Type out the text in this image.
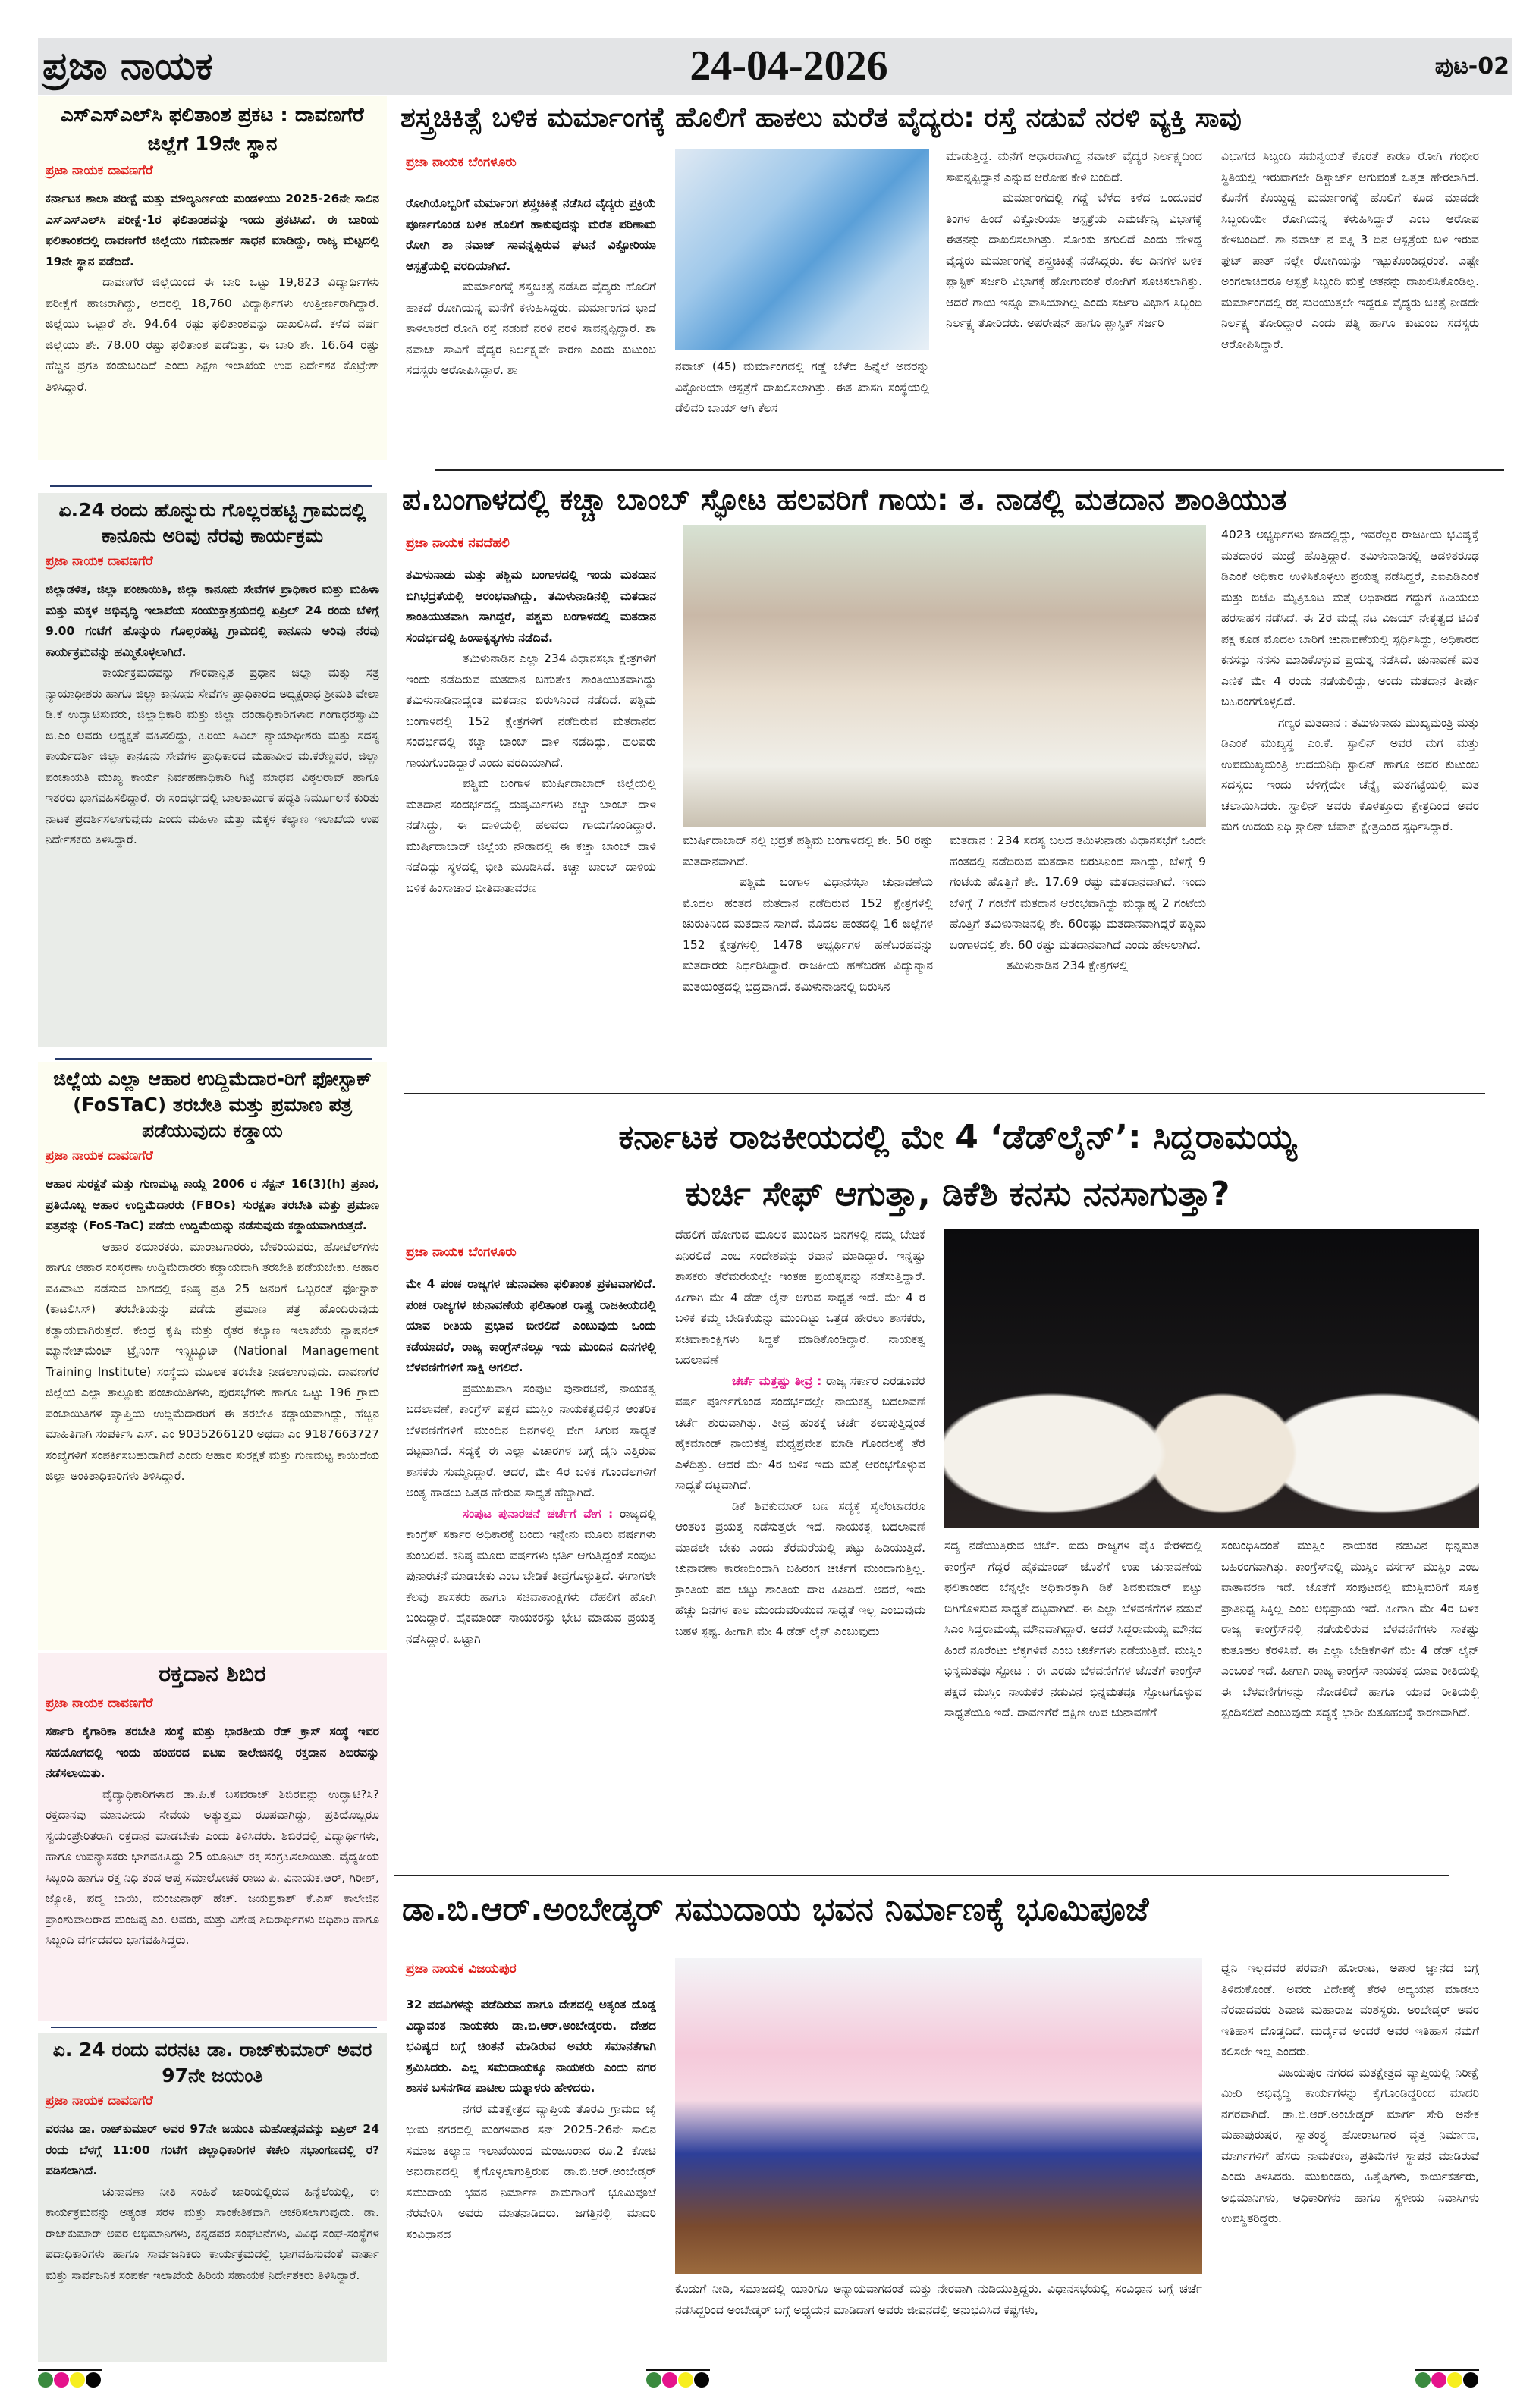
ಪ್ರಜಾ ನಾಯಕ	24-04-2026	ಪುಟ-02
ಎಸ್‌ಎಸ್‌ಎಲ್‌ಸಿ ಫಲಿತಾಂಶ ಪ್ರಕಟ : ದಾವಣಗೆರೆ ಜಿಲ್ಲೆಗೆ 19ನೇ ಸ್ಥಾನ
ಪ್ರಜಾ ನಾಯಕ ದಾವಣಗೆರೆ

ಕರ್ನಾಟಕ ಶಾಲಾ ಪರೀಕ್ಷೆ ಮತ್ತು ಮೌಲ್ಯನಿರ್ಣಯ ಮಂಡಳಿಯು 2025-26ನೇ ಸಾಲಿನ ಎಸ್‌ಎಸ್‌ಎಲ್‌ಸಿ ಪರೀಕ್ಷೆ-1ರ ಫಲಿತಾಂಶವನ್ನು ಇಂದು ಪ್ರಕಟಿಸಿದೆ. ಈ ಬಾರಿಯ ಫಲಿತಾಂಶದಲ್ಲಿ ದಾವಣಗೆರೆ ಜಿಲ್ಲೆಯು ಗಮನಾರ್ಹ ಸಾಧನೆ ಮಾಡಿದ್ದು, ರಾಜ್ಯ ಮಟ್ಟದಲ್ಲಿ 19ನೇ ಸ್ಥಾನ ಪಡೆದಿದೆ.

ದಾವಣಗೆರೆ ಜಿಲ್ಲೆಯಿಂದ ಈ ಬಾರಿ ಒಟ್ಟು 19,823 ವಿದ್ಯಾರ್ಥಿಗಳು ಪರೀಕ್ಷೆಗೆ ಹಾಜರಾಗಿದ್ದು, ಅದರಲ್ಲಿ 18,760 ವಿದ್ಯಾರ್ಥಿಗಳು ಉತ್ತೀರ್ಣರಾಗಿದ್ದಾರೆ. ಜಿಲ್ಲೆಯು ಒಟ್ಟಾರೆ ಶೇ. 94.64 ರಷ್ಟು ಫಲಿತಾಂಶವನ್ನು ದಾಖಲಿಸಿದೆ. ಕಳೆದ ವರ್ಷ ಜಿಲ್ಲೆಯು ಶೇ. 78.00 ರಷ್ಟು ಫಲಿತಾಂಶ ಪಡೆದಿತ್ತು, ಈ ಬಾರಿ ಶೇ. 16.64 ರಷ್ಟು ಹೆಚ್ಚಿನ ಪ್ರಗತಿ ಕಂಡುಬಂದಿದೆ ಎಂದು ಶಿಕ್ಷಣ ಇಲಾಖೆಯ ಉಪ ನಿರ್ದೇಶಕ ಕೊಟ್ರೇಶ್ ತಿಳಿಸಿದ್ದಾರೆ.

ಏ.24 ರಂದು ಹೊನ್ನುರು ಗೊಲ್ಲರಹಟ್ಟಿ ಗ್ರಾಮದಲ್ಲಿ ಕಾನೂನು ಅರಿವು ನೆರವು ಕಾರ್ಯಕ್ರಮ
ಪ್ರಜಾ ನಾಯಕ ದಾವಣಗೆರೆ

ಜಿಲ್ಲಾಡಳಿತ, ಜಿಲ್ಲಾ ಪಂಚಾಯಿತಿ, ಜಿಲ್ಲಾ ಕಾನೂನು ಸೇವೆಗಳ ಪ್ರಾಧಿಕಾರ ಮತ್ತು ಮಹಿಳಾ ಮತ್ತು ಮಕ್ಕಳ ಅಭಿವೃದ್ಧಿ ಇಲಾಖೆಯ ಸಂಯುಕ್ತಾಶ್ರಯದಲ್ಲಿ ಏಪ್ರಿಲ್ 24 ರಂದು ಬೆಳಿಗ್ಗೆ 9.00 ಗಂಟೆಗೆ ಹೊನ್ನುರು ಗೊಲ್ಲರಹಟ್ಟಿ ಗ್ರಾಮದಲ್ಲಿ ಕಾನೂನು ಅರಿವು ನೆರವು ಕಾರ್ಯಕ್ರಮವನ್ನು ಹಮ್ಮಿಕೊಳ್ಳಲಾಗಿದೆ.

ಕಾರ್ಯಕ್ರಮದವನ್ನು ಗೌರವಾನ್ವಿತ ಪ್ರಧಾನ ಜಿಲ್ಲಾ ಮತ್ತು ಸತ್ರ ನ್ಯಾಯಾಧೀಶರು ಹಾಗೂ ಜಿಲ್ಲಾ ಕಾನೂನು ಸೇವೆಗಳ ಪ್ರಾಧಿಕಾರದ ಅಧ್ಯಕ್ಷರಾಧ ಶ್ರೀಮತಿ ವೇಲಾ ಡಿ.ಕೆ ಉದ್ಘಾಟಿಸುವರು, ಜಿಲ್ಲಾಧಿಕಾರಿ ಮತ್ತು ಜಿಲ್ಲಾ ದಂಡಾಧಿಕಾರಿಗಳಾದ ಗಂಗಾಧರಸ್ವಾಮಿ ಜಿ.ಎಂ ಅವರು ಅಧ್ಯಕ್ಷತೆ ವಹಿಸಲಿದ್ದು, ಹಿರಿಯ ಸಿವಿಲ್ ನ್ಯಾಯಾಧೀಶರು ಮತ್ತು ಸದಸ್ಯ ಕಾರ್ಯದರ್ಶಿ ಜಿಲ್ಲಾ ಕಾನೂನು ಸೇವೆಗಳ ಪ್ರಾಧಿಕಾರದ ಮಹಾವೀರ ಮ.ಕರೆಣ್ಣವರ, ಜಿಲ್ಲಾ ಪಂಚಾಯತಿ ಮುಖ್ಯ ಕಾರ್ಯ ನಿರ್ವಹಣಾಧಿಕಾರಿ ಗಿಟ್ಟೆ ಮಾಧವ ವಿಠ್ಠಲರಾವ್ ಹಾಗೂ ಇತರರು ಭಾಗವಹಿಸಲಿದ್ದಾರೆ. ಈ ಸಂದರ್ಭದಲ್ಲಿ ಬಾಲಕಾರ್ಮಿಕ ಪದ್ಧತಿ ನಿರ್ಮೂಲನೆ ಕುರಿತು ನಾಟಕ ಪ್ರದರ್ಶಿಸಲಾಗುವುದು ಎಂದು ಮಹಿಳಾ ಮತ್ತು ಮಕ್ಕಳ ಕಲ್ಯಾಣ ಇಲಾಖೆಯ ಉಪ ನಿರ್ದೇಶಕರು ತಿಳಿಸಿದ್ದಾರೆ.

ಜಿಲ್ಲೆಯ ಎಲ್ಲಾ ಆಹಾರ ಉದ್ದಿಮೆದಾರ-ರಿಗೆ ಫೋಸ್ಟಾಕ್ (FoSTaC) ತರಬೇತಿ ಮತ್ತು ಪ್ರಮಾಣ ಪತ್ರ ಪಡೆಯುವುದು ಕಡ್ಡಾಯ
ಪ್ರಜಾ ನಾಯಕ ದಾವಣಗೆರೆ

ಆಹಾರ ಸುರಕ್ಷತೆ ಮತ್ತು ಗುಣಮಟ್ಟ ಕಾಯ್ದೆ 2006 ರ ಸೆಕ್ಷನ್ 16(3)(h) ಪ್ರಕಾರ, ಪ್ರತಿಯೊಬ್ಬ ಆಹಾರ ಉದ್ದಿಮೆದಾರರು (FBOs) ಸುರಕ್ಷತಾ ತರಬೇತಿ ಮತ್ತು ಪ್ರಮಾಣ ಪತ್ರವನ್ನು (FoS-TaC) ಪಡೆದು ಉದ್ದಿಮೆಯನ್ನು ನಡೆಸುವುದು ಕಡ್ಡಾಯವಾಗಿರುತ್ತದೆ.

ಆಹಾರ ತಯಾರಕರು, ಮಾರಾಟಗಾರರು, ಬೇಕರಿಯವರು, ಹೋಟೆಲ್‌ಗಳು ಹಾಗೂ ಆಹಾರ ಸಂಸ್ಕರಣಾ ಉದ್ದಿಮೆದಾರರು ಕಡ್ಡಾಯವಾಗಿ ತರಬೇತಿ ಪಡೆಯಬೇಕು. ಆಹಾರ ವಹಿವಾಟು ನಡೆಸುವ ಜಾಗದಲ್ಲಿ ಕನಿಷ್ಠ ಪ್ರತಿ 25 ಜನರಿಗೆ ಒಬ್ಬರಂತೆ ಫೋಸ್ಟಾಕ್ (ಕಾಟಲಿಸಿಸ್) ತರಬೇತಿಯನ್ನು ಪಡೆದು ಪ್ರಮಾಣ ಪತ್ರ ಹೊಂದಿರುವುದು ಕಡ್ಡಾಯವಾಗಿರುತ್ತದೆ. ಕೇಂದ್ರ ಕೃಷಿ ಮತ್ತು ರೈತರ ಕಲ್ಯಾಣ ಇಲಾಖೆಯ ನ್ಯಾಷನಲ್ ಮ್ಯಾನೇಜ್‌ಮೆಂಟ್ ಟ್ರೈನಿಂಗ್ ಇನ್ಸ್ಟಿಟ್ಯೂಟ್ (National Management Training Institute) ಸಂಸ್ಥೆಯ ಮೂಲಕ ತರಬೇತಿ ನೀಡಲಾಗುವುದು. ದಾವಣಗೆರೆ ಜಿಲ್ಲೆಯ ಎಲ್ಲಾ ತಾಲ್ಲೂಕು ಪಂಚಾಯಿತಿಗಳು, ಪುರಸಭೆಗಳು ಹಾಗೂ ಒಟ್ಟು 196 ಗ್ರಾಮ ಪಂಚಾಯಿತಿಗಳ ವ್ಯಾಪ್ತಿಯ ಉದ್ದಿಮೆದಾರರಿಗೆ ಈ ತರಬೇತಿ ಕಡ್ಡಾಯವಾಗಿದ್ದು, ಹೆಚ್ಚಿನ ಮಾಹಿತಿಗಾಗಿ ಸಂಪರ್ಕಿಸಿ ಎಸ್. ಎಂ 9035266120 ಅಥವಾ ಎಂ 9187663727 ಸಂಖ್ಯೆಗಳಿಗೆ ಸಂಪರ್ಕಿಸಬಹುದಾಗಿದೆ ಎಂದು ಆಹಾರ ಸುರಕ್ಷತೆ ಮತ್ತು ಗುಣಮಟ್ಟ ಕಾಯಿದೆಯ ಜಿಲ್ಲಾ ಅಂಕಿತಾಧಿಕಾರಿಗಳು ತಿಳಿಸಿದ್ದಾರೆ.

ರಕ್ತದಾನ ಶಿಬಿರ
ಪ್ರಜಾ ನಾಯಕ ದಾವಣಗೆರೆ

ಸರ್ಕಾರಿ ಕೈಗಾರಿಕಾ ತರಬೇತಿ ಸಂಸ್ಥೆ ಮತ್ತು ಭಾರತೀಯ ರೆಡ್ ಕ್ರಾಸ್ ಸಂಸ್ಥೆ ಇವರ ಸಹಯೋಗದಲ್ಲಿ ಇಂದು ಹರಿಹರದ ಐಟಿಐ ಕಾಲೇಜಿನಲ್ಲಿ ರಕ್ತದಾನ ಶಿಬಿರವನ್ನು ನಡೆಸಲಾಯಿತು.

ವೈದ್ಯಾಧಿಕಾರಿಗಳಾದ ಡಾ.ಪಿ.ಕೆ ಬಸವರಾಜ್ ಶಿಬಿರವನ್ನು ಉದ್ಘಾಟಿ?ಸಿ? ರಕ್ತದಾನವು ಮಾನವೀಯ ಸೇವೆಯ ಅತ್ಯುತ್ತಮ ರೂಪವಾಗಿದ್ದು, ಪ್ರತಿಯೊಬ್ಬರೂ ಸ್ವಯಂಪ್ರೇರಿತರಾಗಿ ರಕ್ತದಾನ ಮಾಡಬೇಕು ಎಂದು ತಿಳಿಸಿದರು. ಶಿಬಿರದಲ್ಲಿ ವಿದ್ಯಾರ್ಥಿಗಳು, ಹಾಗೂ ಉಪನ್ಯಾಸಕರು ಭಾಗವಹಿಸಿದ್ದು 25 ಯೂನಿಟ್ ರಕ್ತ ಸಂಗ್ರಹಿಸಲಾಯಿತು. ವೈದ್ಯಕೀಯ ಸಿಬ್ಬಂದಿ ಹಾಗೂ ರಕ್ತ ನಿಧಿ ತಂಡ ಆಪ್ತ ಸಮಾಲೋಚಕ ರಾಜು ಪಿ. ವಿನಾಯಕ.ಆರ್, ಗಿರೀಶ್, ಜ್ಯೋತಿ, ಪದ್ಮ ಬಾಯಿ, ಮಂಜುನಾಥ್ ಹೆಚ್. ಜಯಪ್ರಕಾಶ್ ಕೆ.ಎಸ್ ಕಾಲೇಜಿನ ಪ್ರಾಂಶುಪಾಲರಾದ ಮಂಜಪ್ಪ ಎಂ. ಅವರು, ಮತ್ತು ವಿಶೇಷ ಶಿಬಿರಾರ್ಥಿಗಳು ಅಧಿಕಾರಿ ಹಾಗೂ ಸಿಬ್ಬಂದಿ ವರ್ಗದವರು ಭಾಗವಹಿಸಿದ್ದರು.

ಏ. 24 ರಂದು ವರನಟ ಡಾ. ರಾಜ್‌ಕುಮಾರ್ ಅವರ 97ನೇ ಜಯಂತಿ
ಪ್ರಜಾ ನಾಯಕ ದಾವಣಗೆರೆ

ವರನಟ ಡಾ. ರಾಜ್‌ಕುಮಾರ್ ಅವರ 97ನೇ ಜಯಂತಿ ಮಹೋತ್ಸವವನ್ನು ಏಪ್ರಿಲ್ 24 ರಂದು ಬೆಳಗ್ಗೆ 11:00 ಗಂಟೆಗೆ ಜಿಲ್ಲಾಧಿಕಾರಿಗಳ ಕಚೇರಿ ಸಭಾಂಗಣದಲ್ಲಿ ರ?ಪಡಿಸಲಾಗಿದೆ.

ಚುನಾವಣಾ ನೀತಿ ಸಂಹಿತೆ ಜಾರಿಯಲ್ಲಿರುವ ಹಿನ್ನೆಲೆಯಲ್ಲಿ, ಈ ಕಾರ್ಯಕ್ರಮವನ್ನು ಅತ್ಯಂತ ಸರಳ ಮತ್ತು ಸಾಂಕೇತಿಕವಾಗಿ ಆಚರಿಸಲಾಗುವುದು. ಡಾ. ರಾಜ್‌ಕುಮಾರ್ ಅವರ ಅಭಿಮಾನಿಗಳು, ಕನ್ನಡಪರ ಸಂಘಟನೆಗಳು, ವಿವಿಧ ಸಂಘ-ಸಂಸ್ಥೆಗಳ ಪದಾಧಿಕಾರಿಗಳು ಹಾಗೂ ಸಾರ್ವಜನಿಕರು ಕಾರ್ಯಕ್ರಮದಲ್ಲಿ ಭಾಗವಹಿಸುವಂತೆ ವಾರ್ತಾ ಮತ್ತು ಸಾರ್ವಜನಿಕ ಸಂಪರ್ಕ ಇಲಾಖೆಯ ಹಿರಿಯ ಸಹಾಯಕ ನಿರ್ದೇಶಕರು ತಿಳಿಸಿದ್ದಾರೆ.

ಶಸ್ತ್ರಚಿಕಿತ್ಸೆ ಬಳಿಕ ಮರ್ಮಾಂಗಕ್ಕೆ ಹೊಲಿಗೆ ಹಾಕಲು ಮರೆತ ವೈದ್ಯರು: ರಸ್ತೆ ನಡುವೆ ನರಳಿ ವ್ಯಕ್ತಿ ಸಾವು
ಪ್ರಜಾ ನಾಯಕ ಬೆಂಗಳೂರು

ರೋಗಿಯೊಬ್ಬರಿಗೆ ಮರ್ಮಾಂಗ ಶಸ್ತ್ರಚಿಕಿತ್ಸೆ ನಡೆಸಿದ ವೈದ್ಯರು ಪ್ರಕ್ರಿಯೆ ಪೂರ್ಣಗೊಂಡ ಬಳಿಕ ಹೊಲಿಗೆ ಹಾಕುವುದನ್ನು ಮರೆತ ಪರಿಣಾಮ ರೋಗಿ ಶಾ ನವಾಜ್ ಸಾವನ್ನಪ್ಪಿರುವ ಘಟನೆ ವಿಕ್ಟೋರಿಯಾ ಆಸ್ಪತ್ರೆಯಲ್ಲಿ ವರದಿಯಾಗಿದೆ.

ಮರ್ಮಾಂಗಕ್ಕೆ ಶಸ್ತ್ರಚಿಕಿತ್ಸೆ ನಡೆಸಿದ ವೈದ್ಯರು ಹೊಲಿಗೆ ಹಾಕದೆ ರೋಗಿಯನ್ನ ಮನೆಗೆ ಕಳುಹಿಸಿದ್ದರು. ಮರ್ಮಾಂಗದ ಭಾದೆ ತಾಳಲಾರದೆ ರೋಗಿ ರಸ್ತೆ ನಡುವೆ ನರಳಿ ನರಳಿ ಸಾವನ್ನಪ್ಪಿದ್ದಾರೆ. ಶಾ ನವಾಜ್ ಸಾವಿಗೆ ವೈದ್ಯರ ನಿರ್ಲಕ್ಷ್ಯವೇ ಕಾರಣ ಎಂದು ಕುಟುಂಬ ಸದಸ್ಯರು ಆರೋಪಿಸಿದ್ದಾರೆ. ಶಾ	ನವಾಜ್ (45) ಮರ್ಮಾಂಗದಲ್ಲಿ ಗಡ್ಡೆ ಬೆಳೆದ ಹಿನ್ನೆಲೆ ಅವರನ್ನು ವಿಕ್ಟೋರಿಯಾ ಆಸ್ಪತ್ರೆಗೆ ದಾಖಲಿಸಲಾಗಿತ್ತು. ಈತ ಖಾಸಗಿ ಸಂಸ್ಥೆಯಲ್ಲಿ ಡೆಲಿವರಿ ಬಾಯ್ ಆಗಿ ಕೆಲಸ

ಮಾಡುತ್ತಿದ್ದ. ಮನೆಗೆ ಆಧಾರವಾಗಿದ್ದ ನವಾಜ್ ವೈದ್ಯರ ನಿರ್ಲಕ್ಷ್ಯದಿಂದ ಸಾವನ್ನಪ್ಪಿದ್ದಾನೆ ಎನ್ನುವ ಆರೋಪ ಕೇಳಿ ಬಂದಿದೆ.

ಮರ್ಮಾಂಗದಲ್ಲಿ ಗಡ್ಡೆ ಬೆಳೆದ ಕಳೆದ ಒಂದೂವರೆ ತಿಂಗಳ ಹಿಂದೆ ವಿಕ್ಟೋರಿಯಾ ಆಸ್ಪತ್ರೆಯ ಎಮರ್ಜೆನ್ಸಿ ವಿಭಾಗಕ್ಕೆ ಈತನನ್ನು ದಾಖಲಿಸಲಾಗಿತ್ತು. ಸೋಂಕು ತಗುಲಿದೆ ಎಂದು ಹೇಳಿದ್ದ ವೈದ್ಯರು ಮರ್ಮಾಂಗಕ್ಕೆ ಶಸ್ತ್ರಚಿಕಿತ್ಸೆ ನಡೆಸಿದ್ದರು. ಕೆಲ ದಿನಗಳ ಬಳಿಕ ಪ್ಲಾಸ್ಟಿಕ್ ಸರ್ಜರಿ ವಿಭಾಗಕ್ಕೆ ಹೋಗುವಂತೆ ರೋಗಿಗೆ ಸೂಚಿಸಲಾಗಿತ್ತು. ಆದರೆ ಗಾಯ ಇನ್ನೂ ವಾಸಿಯಾಗಿಲ್ಲ ಎಂದು ಸರ್ಜರಿ ವಿಭಾಗ ಸಿಬ್ಬಂದಿ ನಿರ್ಲಕ್ಷ್ಯ ತೋರಿದರು. ಅಪರೇಷನ್ ಹಾಗೂ ಪ್ಲಾಸ್ಟಿಕ್ ಸರ್ಜರಿ

ವಿಭಾಗದ ಸಿಬ್ಬಂದಿ ಸಮನ್ವಯತೆ ಕೊರತೆ ಕಾರಣ ರೋಗಿ ಗಂಭೀರ ಸ್ಥಿತಿಯಲ್ಲಿ ಇರುವಾಗಲೇ ಡಿಸ್ಚಾರ್ಜ್ ಆಗುವಂತೆ ಒತ್ತಡ ಹೇರಲಾಗಿದೆ. ಕೊನೆಗೆ ಕೊಯ್ದಿದ್ದ ಮರ್ಮಾಂಗಕ್ಕೆ ಹೊಲಿಗೆ ಕೂಡ ಮಾಡದೇ ಸಿಬ್ಬಂದಿಯೇ ರೋಗಿಯನ್ನ ಕಳುಹಿಸಿದ್ದಾರೆ ಎಂಬ ಆರೋಪ ಕೇಳಿಬಂದಿದೆ. ಶಾ ನವಾಜ್ ನ ಪತ್ನಿ 3 ದಿನ ಆಸ್ಪತ್ರೆಯ ಬಳಿ ಇರುವ ಫುಟ್ ಪಾತ್ ನಲ್ಲೇ ರೋಗಿಯನ್ನು ಇಟ್ಟುಕೊಂಡಿದ್ದರಂತೆ. ಎಷ್ಟೇ ಅಂಗಲಾಚಿದರೂ ಆಸ್ಪತ್ರೆ ಸಿಬ್ಬಂದಿ ಮತ್ತೆ ಆತನನ್ನು ದಾಖಲಿಸಿಕೊಂಡಿಲ್ಲ. ಮರ್ಮಾಂಗದಲ್ಲಿ ರಕ್ತ ಸುರಿಯುತ್ತಲೇ ಇದ್ದರೂ ವೈದ್ಯರು ಚಿಕಿತ್ಸೆ ನೀಡದೇ ನಿರ್ಲಕ್ಷ್ಯ ತೋರಿದ್ದಾರೆ ಎಂದು ಪತ್ನಿ ಹಾಗೂ ಕುಟುಂಬ ಸದಸ್ಯರು ಆರೋಪಿಸಿದ್ದಾರೆ.

ಪ.ಬಂಗಾಳದಲ್ಲಿ ಕಚ್ಚಾ ಬಾಂಬ್ ಸ್ಫೋಟ ಹಲವರಿಗೆ ಗಾಯ: ತ. ನಾಡಲ್ಲಿ ಮತದಾನ ಶಾಂತಿಯುತ
ಪ್ರಜಾ ನಾಯಕ ನವದೆಹಲಿ

ತಮಿಳುನಾಡು ಮತ್ತು ಪಶ್ಚಿಮ ಬಂಗಾಳದಲ್ಲಿ ಇಂದು ಮತದಾನ ಬಿಗಿಭದ್ರತೆಯಲ್ಲಿ ಆರಂಭವಾಗಿದ್ದು, ತಮಿಳುನಾಡಿನಲ್ಲಿ ಮತದಾನ ಶಾಂತಿಯುತವಾಗಿ ಸಾಗಿದ್ದರೆ, ಪಶ್ಚಮ ಬಂಗಾಳದಲ್ಲಿ ಮತದಾನ ಸಂದರ್ಭದಲ್ಲಿ ಹಿಂಸಾಕೃತ್ಯಗಳು ನಡೆದಿವೆ.

ತಮಿಳುನಾಡಿನ ಎಲ್ಲಾ 234 ವಿಧಾನಸಭಾ ಕ್ಷೇತ್ರಗಳಿಗೆ ಇಂದು ನಡೆದಿರುವ ಮತದಾನ ಬಹುತೇಕ ಶಾಂತಿಯುತವಾಗಿದ್ದು ತಮಿಳುನಾಡಿನಾದ್ಯಂತ ಮತದಾನ ಬಿರುಸಿನಿಂದ ನಡೆದಿದೆ. ಪಶ್ಚಿಮ ಬಂಗಾಳದಲ್ಲಿ 152 ಕ್ಷೇತ್ರಗಳಿಗೆ ನಡೆದಿರುವ ಮತದಾನದ ಸಂದರ್ಭದಲ್ಲಿ ಕಚ್ಚಾ ಬಾಂಬ್ ದಾಳಿ ನಡೆದಿದ್ದು, ಹಲವರು ಗಾಯಗೊಂಡಿದ್ದಾರೆ ಎಂದು ವರದಿಯಾಗಿದೆ.

ಪಶ್ಚಿಮ ಬಂಗಾಳ ಮುರ್ಷಿದಾಬಾದ್ ಜಿಲ್ಲೆಯಲ್ಲಿ ಮತದಾನ ಸಂದರ್ಭದಲ್ಲಿ ದುಷ್ಕರ್ಮಿಗಳು ಕಚ್ಚಾ ಬಾಂಬ್ ದಾಳಿ ನಡೆಸಿದ್ದು, ಈ ದಾಳಿಯಲ್ಲಿ ಹಲವರು ಗಾಯಗೊಂಡಿದ್ದಾರೆ. ಮುರ್ಷಿದಾಬಾದ್ ಜಿಲ್ಲೆಯ ನೌಡಾದಲ್ಲಿ ಈ ಕಚ್ಚಾ ಬಾಂಬ್ ದಾಳಿ ನಡೆದಿದ್ದು ಸ್ಥಳದಲ್ಲಿ ಭೀತಿ ಮೂಡಿಸಿದೆ. ಕಚ್ಚಾ ಬಾಂಬ್ ದಾಳಿಯ ಬಳಿಕ ಹಿಂಸಾಚಾರ ಭೀತಿವಾತಾವರಣ

ಮುರ್ಷಿದಾಬಾದ್ ನಲ್ಲಿ ಭದ್ರತೆ ಪಶ್ಚಿಮ ಬಂಗಾಳದಲ್ಲಿ ಶೇ. 50 ರಷ್ಟು ಮತದಾನವಾಗಿದೆ.

ಪಶ್ಚಿಮ ಬಂಗಾಳ ವಿಧಾನಸಭಾ ಚುನಾವಣೆಯ ಮೊದಲ ಹಂತದ ಮತದಾನ ನಡೆದಿರುವ 152 ಕ್ಷೇತ್ರಗಳಲ್ಲಿ ಚುರುಕಿನಿಂದ ಮತದಾನ ಸಾಗಿದೆ. ಮೊದಲ ಹಂತದಲ್ಲಿ 16 ಜಿಲ್ಲೆಗಳ 152 ಕ್ಷೇತ್ರಗಳಲ್ಲಿ 1478 ಅಭ್ಯರ್ಥಿಗಳ ಹಣೆಬರಹವನ್ನು ಮತದಾರರು ನಿರ್ಧರಿಸಿದ್ದಾರೆ. ರಾಜಕೀಯ ಹಣೆಬರಹ ವಿದ್ಯುನ್ಮಾನ ಮತಯಂತ್ರದಲ್ಲಿ ಭದ್ರವಾಗಿದೆ. ತಮಿಳುನಾಡಿನಲ್ಲಿ ಬಿರುಸಿನ

ಮತದಾನ : 234 ಸದಸ್ಯ ಬಲದ ತಮಿಳುನಾಡು ವಿಧಾನಸಭೆಗೆ ಒಂದೇ ಹಂತದಲ್ಲಿ ನಡೆದಿರುವ ಮತದಾನ ಬಿರುಸಿನಿಂದ ಸಾಗಿದ್ದು, ಬೆಳಿಗ್ಗೆ 9 ಗಂಟೆಯ ಹೊತ್ತಿಗೆ ಶೇ. 17.69 ರಷ್ಟು ಮತದಾನವಾಗಿದೆ. ಇಂದು ಬೆಳಿಗ್ಗೆ 7 ಗಂಟೆಗೆ ಮತದಾನ ಆರಂಭವಾಗಿದ್ದು ಮಧ್ಯಾಹ್ನ 2 ಗಂಟೆಯ ಹೊತ್ತಿಗೆ ತಮಿಳುನಾಡಿನಲ್ಲಿ ಶೇ. 60ರಷ್ಟು ಮತದಾನವಾಗಿದ್ದರೆ ಪಶ್ಚಿಮ ಬಂಗಾಳದಲ್ಲಿ ಶೇ. 60 ರಷ್ಟು ಮತದಾನವಾಗಿದೆ ಎಂದು ಹೇಳಲಾಗಿದೆ.

ತಮಿಳುನಾಡಿನ 234 ಕ್ಷೇತ್ರಗಳಲ್ಲಿ

4023 ಅಭ್ಯರ್ಥಿಗಳು ಕಣದಲ್ಲಿದ್ದು, ಇವರೆಲ್ಲರ ರಾಜಕೀಯ ಭವಿಷ್ಯಕ್ಕೆ ಮತದಾರರ ಮುದ್ರೆ ಹೊತ್ತಿದ್ದಾರೆ. ತಮಿಳುನಾಡಿನಲ್ಲಿ ಆಡಳಿತರೂಢ ಡಿಎಂಕೆ ಅಧಿಕಾರ ಉಳಿಸಿಕೊಳ್ಳಲು ಪ್ರಯತ್ನ ನಡೆಸಿದ್ದರೆ, ಎಐಎಡಿಎಂಕೆ ಮತ್ತು ಬಿಜೆಪಿ ಮೈತ್ರಿಕೂಟ ಮತ್ತೆ ಅಧಿಕಾರದ ಗದ್ದುಗೆ ಹಿಡಿಯಲು ಹರಸಾಹಸ ನಡೆಸಿದೆ. ಈ 2ರ ಮಧ್ಯೆ ನಟ ವಿಜಯ್ ನೇತೃತ್ವದ ಟಿವಿಕೆ ಪಕ್ಷ ಕೂಡ ಮೊದಲ ಬಾರಿಗೆ ಚುನಾವಣೆಯಲ್ಲಿ ಸ್ಪರ್ಧಿಸಿದ್ದು, ಅಧಿಕಾರದ ಕನಸನ್ನು ನನಸು ಮಾಡಿಕೊಳ್ಳುವ ಪ್ರಯತ್ನ ನಡೆಸಿದೆ. ಚುನಾವಣೆ ಮತ ಎಣಿಕೆ ಮೇ 4 ರಂದು ನಡೆಯಲಿದ್ದು, ಅಂದು ಮತದಾನ ತೀರ್ಪು ಬಹಿರಂಗಗೊಳ್ಳಲಿದೆ.

ಗಣ್ಯರ ಮತದಾನ : ತಮಿಳುನಾಡು ಮುಖ್ಯಮಂತ್ರಿ ಮತ್ತು ಡಿಎಂಕೆ ಮುಖ್ಯಸ್ಥ ಎಂ.ಕೆ. ಸ್ಟಾಲಿನ್ ಅವರ ಮಗ ಮತ್ತು ಉಪಮುಖ್ಯಮಂತ್ರಿ ಉದಯನಿಧಿ ಸ್ಟಾಲಿನ್ ಹಾಗೂ ಅವರ ಕುಟುಂಬ ಸದಸ್ಯರು ಇಂದು ಬೆಳಿಗ್ಗೆಯೇ ಚೆನ್ನೈ ಮತಗಟ್ಟೆಯಲ್ಲಿ ಮತ ಚಲಾಯಿಸಿದರು. ಸ್ಟಾಲಿನ್ ಅವರು ಕೊಳತ್ತೂರು ಕ್ಷೇತ್ರದಿಂದ ಅವರ ಮಗ ಉದಯ ನಿಧಿ ಸ್ಟಾಲಿನ್ ಚೆಪಾಕ್ ಕ್ಷೇತ್ರದಿಂದ ಸ್ಪರ್ಧಿಸಿದ್ದಾರೆ.

ಕರ್ನಾಟಕ ರಾಜಕೀಯದಲ್ಲಿ ಮೇ 4 ‘ಡೆಡ್‌ಲೈನ್’: ಸಿದ್ದರಾಮಯ್ಯ
ಕುರ್ಚಿ ಸೇಫ್ ಆಗುತ್ತಾ, ಡಿಕೆಶಿ ಕನಸು ನನಸಾಗುತ್ತಾ?
ಪ್ರಜಾ ನಾಯಕ ಬೆಂಗಳೂರು

ಮೇ 4 ಪಂಚ ರಾಜ್ಯಗಳ ಚುನಾವಣಾ ಫಲಿತಾಂಶ ಪ್ರಕಟವಾಗಲಿದೆ. ಪಂಚ ರಾಜ್ಯಗಳ ಚುನಾವಣೆಯ ಫಲಿತಾಂಶ ರಾಷ್ಟ್ರ ರಾಜಕೀಯದಲ್ಲಿ ಯಾವ ರೀತಿಯ ಪ್ರಭಾವ ಬೀರಲಿದೆ ಎಂಬುವುದು ಒಂದು ಕಡೆಯಾದರೆ, ರಾಜ್ಯ ಕಾಂಗ್ರೆಸ್‌ನಲ್ಲೂ ಇದು ಮುಂದಿನ ದಿನಗಳಲ್ಲಿ ಬೆಳವಣಿಗೆಗಳಿಗೆ ಸಾಕ್ಷಿ ಅಗಲಿದೆ.

ಪ್ರಮುಖವಾಗಿ ಸಂಪುಟ ಪುನಾರಚನೆ, ನಾಯಕತ್ವ ಬದಲಾವಣೆ, ಕಾಂಗ್ರೆಸ್ ಪಕ್ಷದ ಮುಸ್ಲಿಂ ನಾಯಕತ್ವದಲ್ಲಿನ ಆಂತರಿಕ ಬೆಳವಣಿಗೆಗಳಿಗೆ ಮುಂದಿನ ದಿನಗಳಲ್ಲಿ ವೇಗ ಸಿಗುವ ಸಾಧ್ಯತೆ ದಟ್ಟವಾಗಿದೆ. ಸದ್ಯಕ್ಕೆ ಈ ಎಲ್ಲಾ ವಿಚಾರಗಳ ಬಗ್ಗೆ ದೈನಿ ಎತ್ತಿರುವ ಶಾಸಕರು ಸುಮ್ಮನಿದ್ದಾರೆ. ಆದರೆ, ಮೇ 4ರ ಬಳಿಕ ಗೊಂದಲಗಳಿಗೆ ಅಂತ್ಯ ಹಾಡಲು ಒತ್ತಡ ಹೇರುವ ಸಾಧ್ಯತೆ ಹೆಚ್ಚಾಗಿದೆ.

ಸಂಪುಟ ಪುನಾರಚನೆ ಚರ್ಚೆಗೆ ವೇಗ : ರಾಜ್ಯದಲ್ಲಿ ಕಾಂಗ್ರೆಸ್ ಸರ್ಕಾರ ಅಧಿಕಾರಕ್ಕೆ ಬಂದು ಇನ್ನೇನು ಮೂರು ವರ್ಷಗಳು ತುಂಬಲಿವೆ. ಕನಿಷ್ಠ ಮೂರು ವರ್ಷಗಳು ಭರ್ತಿ ಆಗುತ್ತಿದ್ದಂತೆ ಸಂಪುಟ ಪುನಾರಚನೆ ಮಾಡಬೇಕು ಎಂಬ ಬೇಡಿಕೆ ತೀವ್ರಗೊಳ್ಳುತ್ತಿದೆ. ಈಗಾಗಲೇ ಕೆಲವು ಶಾಸಕರು ಹಾಗೂ ಸಚಿವಾಕಾಂಕ್ಷಿಗಳು ದೆಹಲಿಗೆ ಹೋಗಿ ಬಂದಿದ್ದಾರೆ. ಹೈಕಮಾಂಡ್ ನಾಯಕರನ್ನು ಭೇಟಿ ಮಾಡುವ ಪ್ರಯತ್ನ ನಡೆಸಿದ್ದಾರೆ. ಒಟ್ಟಾಗಿ

ದೆಹಲಿಗೆ ಹೋಗುವ ಮೂಲಕ ಮುಂದಿನ ದಿನಗಳಲ್ಲಿ ನಮ್ಮ ಬೇಡಿಕೆ ಏನಿರಲಿದೆ ಎಂಬ ಸಂದೇಶವನ್ನು ರವಾನೆ ಮಾಡಿದ್ದಾರೆ. ಇನ್ನಷ್ಟು ಶಾಸಕರು ತೆರೆಮರೆಯಲ್ಲೇ ಇಂತಹ ಪ್ರಯತ್ನವನ್ನು ನಡೆಸುತ್ತಿದ್ದಾರೆ. ಹೀಗಾಗಿ ಮೇ 4 ಡೆಡ್ ಲೈನ್ ಅಗುವ ಸಾಧ್ಯತೆ ಇದೆ. ಮೇ 4 ರ ಬಳಿಕ ತಮ್ಮ ಬೇಡಿಕೆಯನ್ನು ಮುಂದಿಟ್ಟು ಒತ್ತಡ ಹೇರಲು ಶಾಸಕರು, ಸಚಿವಾಕಾಂಕ್ಷಿಗಳು ಸಿದ್ಧತೆ ಮಾಡಿಕೊಂಡಿದ್ದಾರೆ. ನಾಯಕತ್ವ ಬದಲಾವಣೆ

ಚರ್ಚೆ ಮತ್ತಷ್ಟು ತೀವ್ರ : ರಾಜ್ಯ ಸರ್ಕಾರ ಎರಡೂವರೆ ವರ್ಷ ಪೂರ್ಣಗೊಂಡ ಸಂದರ್ಭದಲ್ಲೇ ನಾಯಕತ್ವ ಬದಲಾವಣೆ ಚರ್ಚೆ ಶುರುವಾಗಿತ್ತು. ತೀವ್ರ ಹಂತಕ್ಕೆ ಚರ್ಚೆ ತಲುಪುತ್ತಿದ್ದಂತೆ ಹೈಕಮಾಂಡ್ ನಾಯಕತ್ವ ಮಧ್ಯಪ್ರವೇಶ ಮಾಡಿ ಗೊಂದಲಕ್ಕೆ ತೆರೆ ಎಳೆದಿತ್ತು. ಆದರೆ ಮೇ 4ರ ಬಳಿಕ ಇದು ಮತ್ತೆ ಆರಂಭಗೊಳ್ಳುವ ಸಾಧ್ಯತೆ ದಟ್ಟವಾಗಿದೆ.

ಡಿಕೆ ಶಿವಕುಮಾರ್ ಬಣ ಸದ್ಯಕ್ಕೆ ಸೈಲೆಂಟಾದರೂ ಆಂತರಿಕ ಪ್ರಯತ್ನ ನಡೆಸುತ್ತಲೇ ಇದೆ. ನಾಯಕತ್ವ ಬದಲಾವಣೆ ಮಾಡಲೇ ಬೇಕು ಎಂದು ತೆರೆಮರೆಯಲ್ಲಿ ಪಟ್ಟು ಹಿಡಿಯುತ್ತಿದೆ. ಚುನಾವಣಾ ಕಾರಣದಿಂದಾಗಿ ಬಹಿರಂಗ ಚರ್ಚೆಗೆ ಮುಂದಾಗುತ್ತಿಲ್ಲ. ಕ್ರಾಂತಿಯ ಪದ ಚಟ್ಟು ಶಾಂತಿಯ ದಾರಿ ಹಿಡಿದಿದೆ. ಅದರೆ, ಇದು ಹೆಚ್ಚು ದಿನಗಳ ಕಾಲ ಮುಂದುವರಿಯುವ ಸಾಧ್ಯತೆ ಇಲ್ಲ ಎಂಬುವುದು ಬಹಳ ಸ್ಪಷ್ಟ. ಹೀಗಾಗಿ ಮೇ 4 ಡೆಡ್ ಲೈನ್ ಎಂಬುವುದು

ಸದ್ಯ ನಡೆಯುತ್ತಿರುವ ಚರ್ಚೆ. ಐದು ರಾಜ್ಯಗಳ ಪೈಕಿ ಕೇರಳದಲ್ಲಿ ಕಾಂಗ್ರೆಸ್ ಗೆದ್ದರೆ ಹೈಕಮಾಂಡ್ ಜೊತೆಗೆ ಉಪ ಚುನಾವಣೆಯ ಫಲಿತಾಂಶದ ಬೆನ್ನಲ್ಲೇ ಅಧಿಕಾರಕ್ಕಾಗಿ ಡಿಕೆ ಶಿವಕುಮಾರ್ ಪಟ್ಟು ಬಿಗಿಗೊಳಿಸುವ ಸಾಧ್ಯತೆ ದಟ್ಟವಾಗಿದೆ. ಈ ಎಲ್ಲಾ ಬೆಳವಣಿಗೆಗಳ ನಡುವೆ ಸಿಎಂ ಸಿದ್ದರಾಮಯ್ಯ ಮೌನವಾಗಿದ್ದಾರೆ. ಅದರೆ ಸಿದ್ದರಾಮಯ್ಯ ಮೌನದ ಹಿಂದೆ ನೂರೆಂಟು ಲೆಕ್ಕಗಳಿವೆ ಎಂಬ ಚರ್ಚೆಗಳು ನಡೆಯುತ್ತಿವೆ. ಮುಸ್ಲಿಂ ಭಿನ್ನಮತವೂ ಸ್ಫೋಟ : ಈ ಎರಡು ಬೆಳವಣಿಗೆಗಳ ಜೊತೆಗೆ ಕಾಂಗ್ರೆಸ್ ಪಕ್ಷದ ಮುಸ್ಲಿಂ ನಾಯಕರ ನಡುವಿನ ಭಿನ್ನಮತವೂ ಸ್ಫೋಟಗೊಳ್ಳುವ ಸಾಧ್ಯತೆಯೂ ಇದೆ. ದಾವಣಗೆರೆ ದಕ್ಷಿಣ ಉಪ ಚುನಾವಣೆಗೆ

ಸಂಬಂಧಿಸಿದಂತೆ ಮುಸ್ಲಿಂ ನಾಯಕರ ನಡುವಿನ ಭಿನ್ನಮತ ಬಹಿರಂಗವಾಗಿತ್ತು. ಕಾಂಗ್ರೆಸ್‌ನಲ್ಲಿ ಮುಸ್ಲಿಂ ವರ್ಸಸ್ ಮುಸ್ಲಿಂ ಎಂಬ ವಾತಾವರಣ ಇದೆ. ಜೊತೆಗೆ ಸಂಪುಟದಲ್ಲಿ ಮುಸ್ಲಿಮರಿಗೆ ಸೂಕ್ತ ಪ್ರಾತಿನಿಧ್ಯ ಸಿಕ್ಕಿಲ್ಲ ಎಂಬ ಅಭಿಪ್ರಾಯ ಇದೆ. ಹೀಗಾಗಿ ಮೇ 4ರ ಬಳಿಕ ರಾಜ್ಯ ಕಾಂಗ್ರೆಸ್‌ನಲ್ಲಿ ನಡೆಯಲಿರುವ ಬೆಳವಣಿಗೆಗಳು ಸಾಕಷ್ಟು ಕುತೂಹಲ ಕೆರಳಿಸಿವೆ. ಈ ಎಲ್ಲಾ ಬೇಡಿಕೆಗಳಿಗೆ ಮೇ 4 ಡೆಡ್ ಲೈನ್ ಎಂಬಂತೆ ಇದೆ. ಹೀಗಾಗಿ ರಾಜ್ಯ ಕಾಂಗ್ರೆಸ್ ನಾಯಕತ್ವ ಯಾವ ರೀತಿಯಲ್ಲಿ ಈ ಬೆಳವಣಿಗೆಗಳನ್ನು ನೋಡಲಿದೆ ಹಾಗೂ ಯಾವ ರೀತಿಯಲ್ಲಿ ಸ್ಪಂದಿಸಲಿದೆ ಎಂಬುವುದು ಸದ್ಯಕ್ಕೆ ಭಾರೀ ಕುತೂಹಲಕ್ಕೆ ಕಾರಣವಾಗಿದೆ.

ಡಾ.ಬಿ.ಆರ್.ಅಂಬೇಡ್ಕರ್ ಸಮುದಾಯ ಭವನ ನಿರ್ಮಾಣಕ್ಕೆ ಭೂಮಿಪೂಜೆ
ಪ್ರಜಾ ನಾಯಕ ವಿಜಯಪುರ

32 ಪದವಿಗಳನ್ನು ಪಡೆದಿರುವ ಹಾಗೂ ದೇಶದಲ್ಲಿ ಅತ್ಯಂತ ದೊಡ್ಡ ವಿದ್ಯಾವಂತ ನಾಯಕರು ಡಾ.ಬಿ.ಆರ್.ಅಂಬೇಡ್ಕರರು. ದೇಶದ ಭವಿಷ್ಯದ ಬಗ್ಗೆ ಚಿಂತನೆ ಮಾಡಿರುವ ಅವರು ಸಮಾನತೆಗಾಗಿ ಶ್ರಮಿಸಿದರು. ಎಲ್ಲ ಸಮುದಾಯಕ್ಕೂ ನಾಯಕರು ಎಂದು ನಗರ ಶಾಸಕ ಬಸನಗೌಡ ಪಾಟೀಲ ಯತ್ನಾಳರು ಹೇಳಿದರು.

ನಗರ ಮತಕ್ಷೇತ್ರದ ವ್ಯಾಪ್ತಿಯ ತೊರವಿ ಗ್ರಾಮದ ಜೈ ಭೀಮ ನಗರದಲ್ಲಿ ಮಂಗಳವಾರ ಸನ್ 2025-26ನೇ ಸಾಲಿನ ಸಮಾಜ ಕಲ್ಯಾಣ ಇಲಾಖೆಯಿಂದ ಮಂಜೂರಾದ ರೂ.2 ಕೋಟಿ ಅನುದಾನದಲ್ಲಿ ಕೈಗೊಳ್ಳಲಾಗುತ್ತಿರುವ ಡಾ.ಬಿ.ಆರ್.ಅಂಬೇಡ್ಕರ್ ಸಮುದಾಯ ಭವನ ನಿರ್ಮಾಣ ಕಾಮಗಾರಿಗೆ ಭೂಮಿಪೂಜೆ ನೆರವೇರಿಸಿ ಅವರು ಮಾತನಾಡಿದರು. ಜಗತ್ತಿನಲ್ಲಿ ಮಾದರಿ ಸಂವಿಧಾನದ

ಕೊಡುಗೆ ನೀಡಿ, ಸಮಾಜದಲ್ಲಿ ಯಾರಿಗೂ ಅನ್ಯಾಯವಾಗದಂತೆ ಮತ್ತು ನೇರವಾಗಿ ನುಡಿಯುತ್ತಿದ್ದರು. ವಿಧಾನಸಭೆಯಲ್ಲಿ ಸಂವಿಧಾನ ಬಗ್ಗೆ ಚರ್ಚೆ ನಡೆಸಿದ್ದರಿಂದ ಅಂಬೇಡ್ಕರ್ ಬಗ್ಗೆ ಅಧ್ಯಯನ ಮಾಡಿದಾಗ ಅವರು ಜೀವನದಲ್ಲಿ ಅನುಭವಿಸಿದ ಕಷ್ಟಗಳು,

ಧ್ವನಿ ಇಲ್ಲದವರ ಪರವಾಗಿ ಹೋರಾಟ, ಅಪಾರ ಜ್ಞಾನದ ಬಗ್ಗೆ ತಿಳಿದುಕೊಂಡೆ. ಅವರು ವಿದೇಶಕ್ಕೆ ತೆರಳಿ ಅಧ್ಯಯನ ಮಾಡಲು ನೆರವಾದವರು ಶಿವಾಜಿ ಮಹಾರಾಜ ವಂಶಸ್ಥರು. ಅಂಬೇಡ್ಕರ್ ಅವರ ಇತಿಹಾಸ ದೊಡ್ಡದಿದೆ. ದುರ್ದೈವ ಅಂದರೆ ಅವರ ಇತಿಹಾಸ ನಮಗೆ ಕಲಿಸಲೇ ಇಲ್ಲ ಎಂದರು.

ವಿಜಯಪುರ ನಗರದ ಮತಕ್ಷೇತ್ರದ ವ್ಯಾಪ್ತಿಯಲ್ಲಿ ನಿರೀಕ್ಷೆ ಮೀರಿ ಅಭಿವೃದ್ಧಿ ಕಾರ್ಯಗಳನ್ನು ಕೈಗೊಂಡಿದ್ದರಿಂದ ಮಾದರಿ ನಗರವಾಗಿದೆ. ಡಾ.ಬಿ.ಆರ್.ಅಂಬೇಡ್ಕರ್ ಮಾರ್ಗ ಸೇರಿ ಅನೇಕ ಮಹಾಪುರುಷರ, ಸ್ವಾತಂತ್ರ್ಯ ಹೋರಾಟಗಾರ ವೃತ್ತ ನಿರ್ಮಾಣ, ಮಾರ್ಗಗಳಿಗೆ ಹೆಸರು ನಾಮಕರಣ, ಪ್ರತಿಮೆಗಳ ಸ್ಥಾಪನೆ ಮಾಡಿರುವೆ ಎಂದು ತಿಳಿಸಿದರು. ಮುಖಂಡರು, ಹಿತೈಷಿಗಳು, ಕಾರ್ಯಕರ್ತರು, ಅಭಿಮಾನಿಗಳು, ಅಧಿಕಾರಿಗಳು ಹಾಗೂ ಸ್ಥಳೀಯ ನಿವಾಸಿಗಳು ಉಪಸ್ಥಿತರಿದ್ದರು.
